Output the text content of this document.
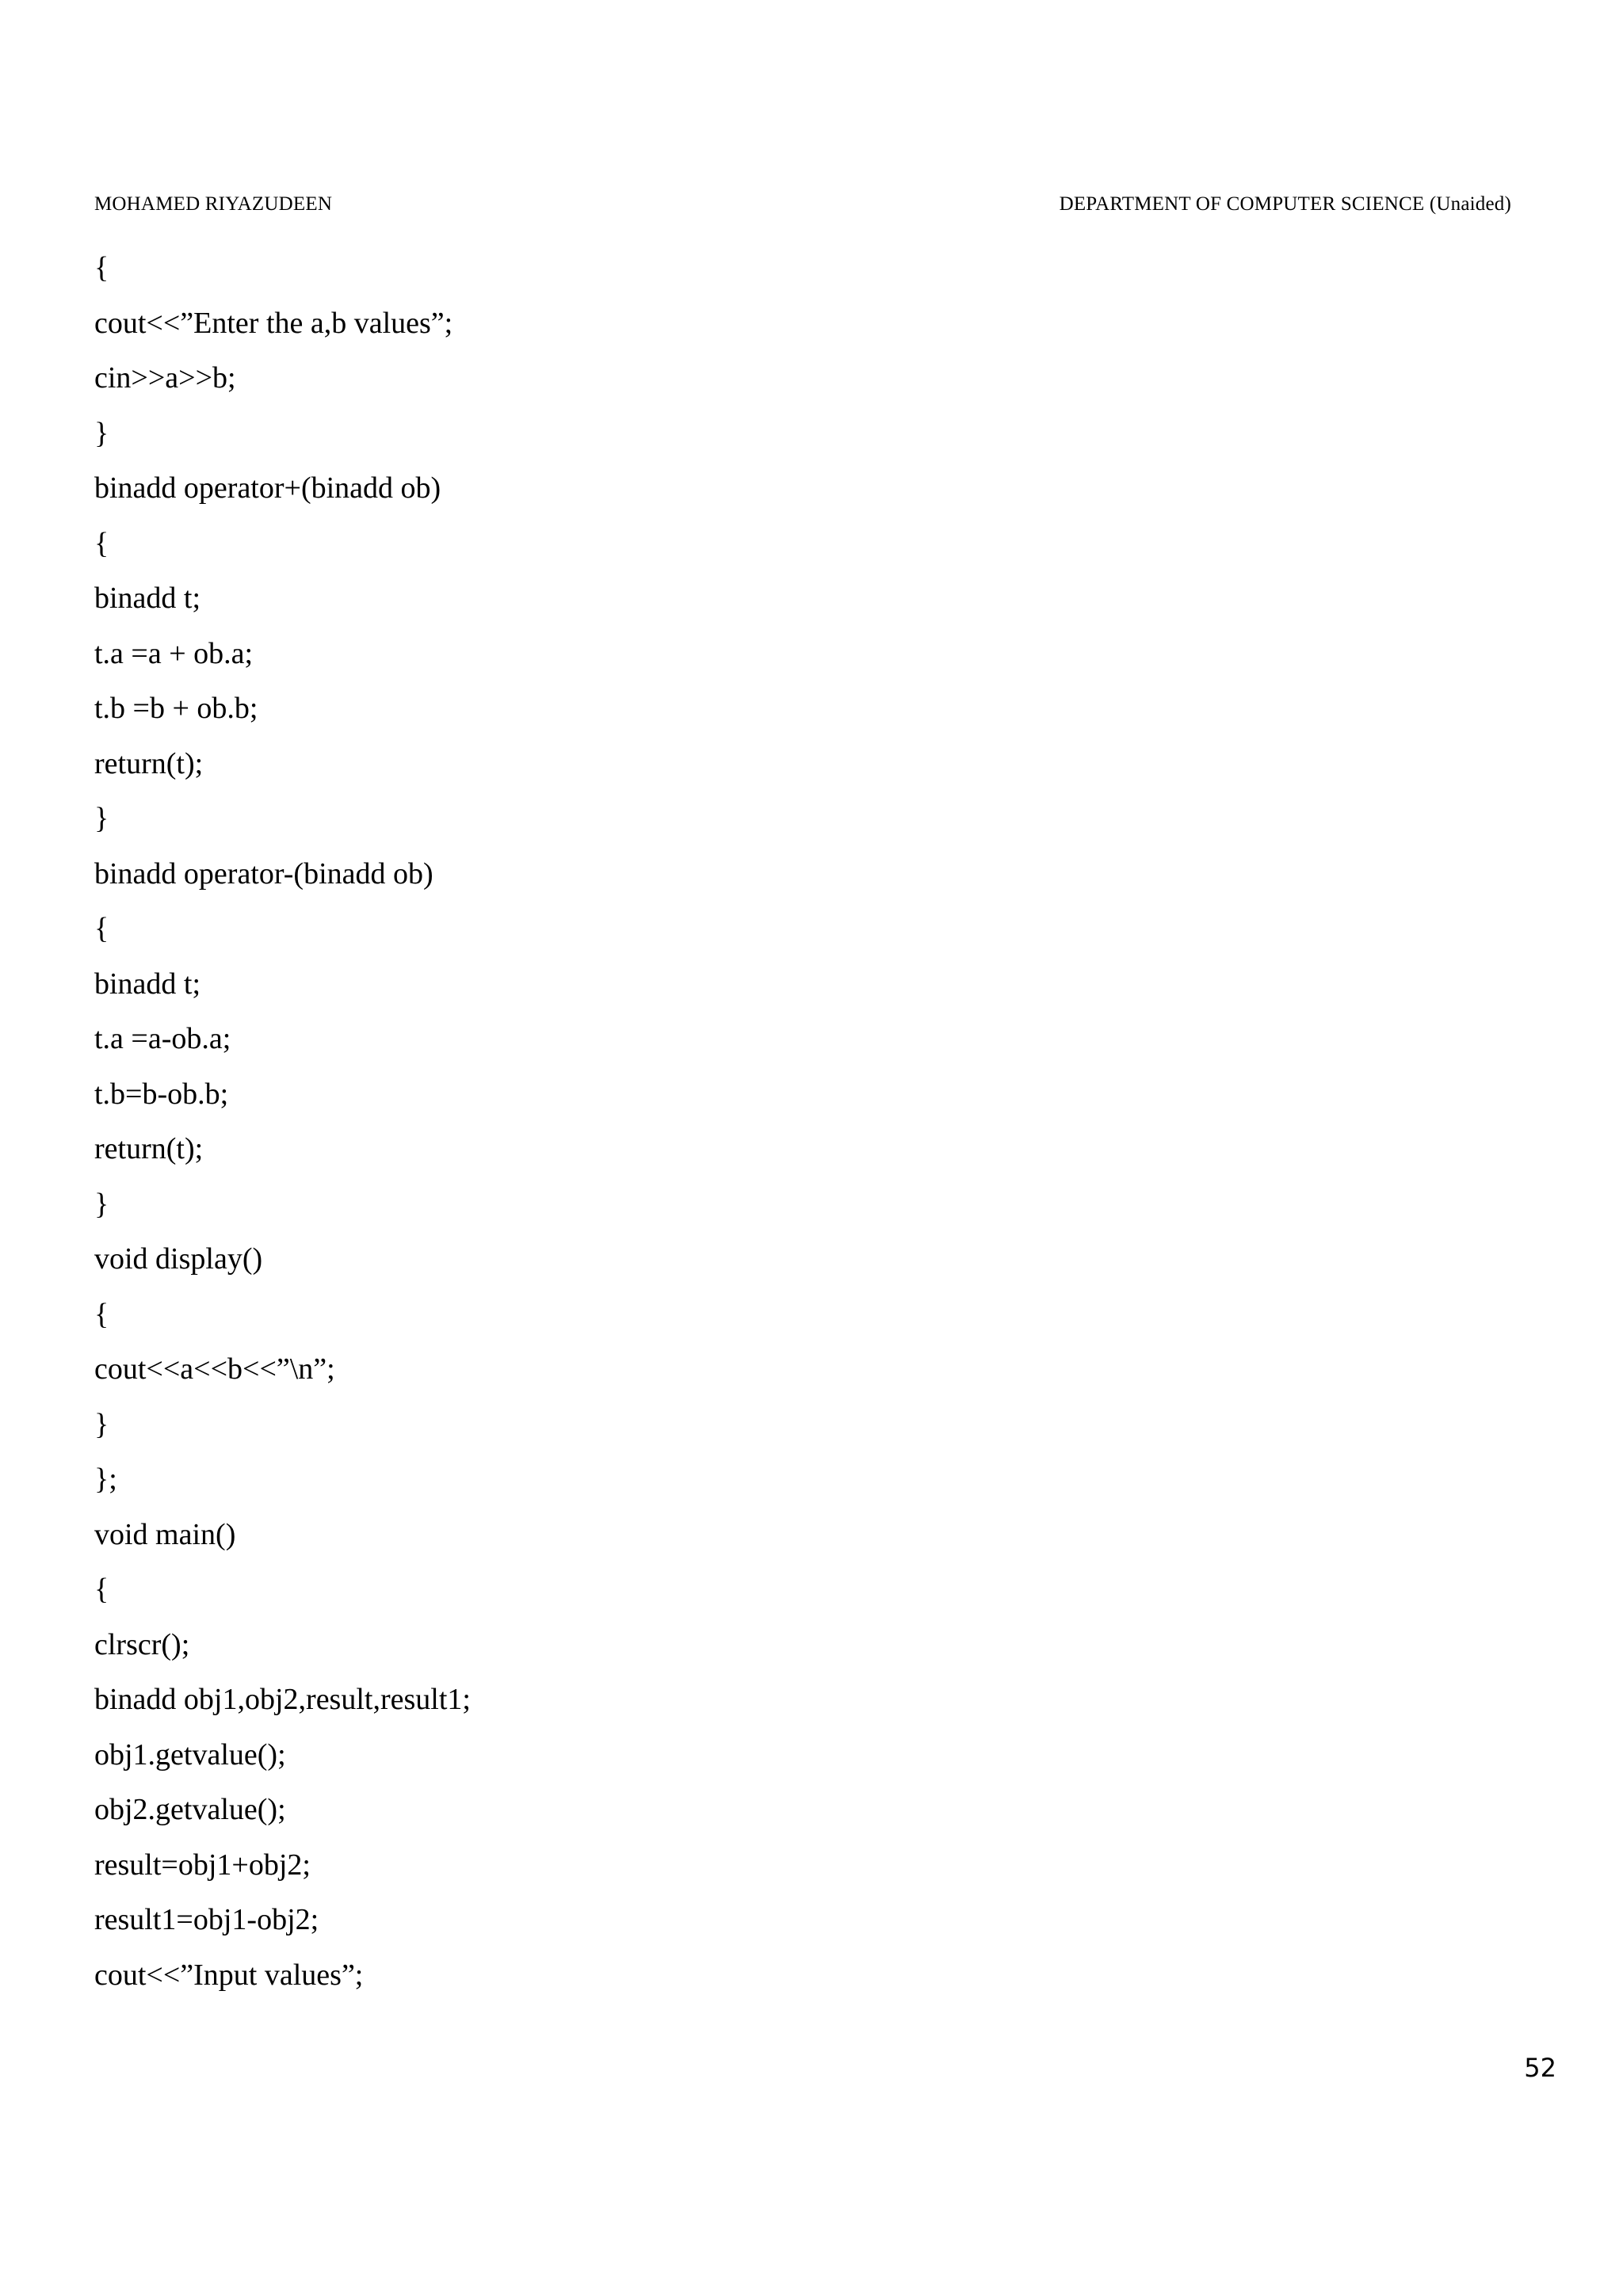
MOHAMED RIYAZUDEEN	DEPARTMENT OF COMPUTER SCIENCE (Unaided)
{
cout<<”Enter the a,b values”;
cin>>a>>b;
}
binadd operator+(binadd ob)
{
binadd t;
t.a =a + ob.a;
t.b =b + ob.b;
return(t);
}
binadd operator-(binadd ob)
{
binadd t;
t.a =a-ob.a;
t.b=b-ob.b;
return(t);
}
void display()
{
cout<<a<<b<<”\n”;
}
};
void main()
{
clrscr();
binadd obj1,obj2,result,result1;
obj1.getvalue();
obj2.getvalue();
result=obj1+obj2;
result1=obj1-obj2;
cout<<”Input values”;
52
